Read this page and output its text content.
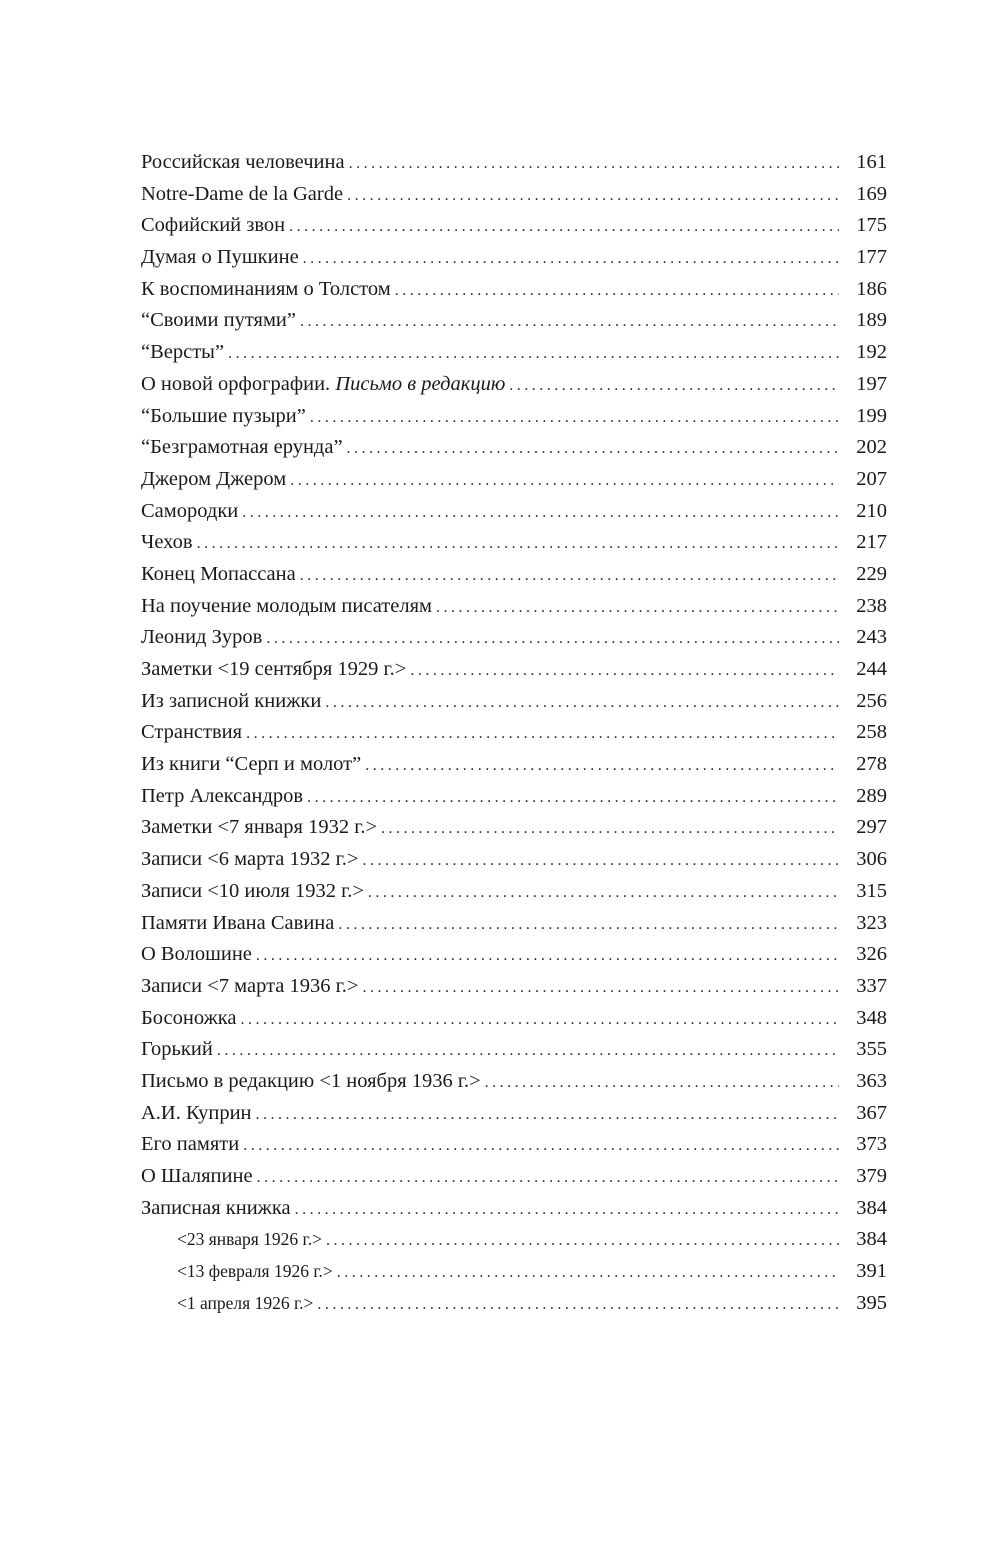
Российская человечина . . .	161
Notre-Dame de la Garde . . .	169
Софийский звон . . .	175
Думая о Пушкине . . .	177
К воспоминаниям о Толстом . . .	186
“Своими путями” . . .	189
“Версты” . . .	192
О новой орфографии. Письмо в редакцию . . .	197
“Большие пузыри” . . .	199
“Безграмотная ерунда” . . .	202
Джером Джером . . .	207
Самородки . . .	210
Чехов . . .	217
Конец Мопассана . . .	229
На поучение молодым писателям . . .	238
Леонид Зуров . . .	243
Заметки <19 сентября 1929 г.> . . .	244
Из записной книжки . . .	256
Странствия . . .	258
Из книги “Серп и молот” . . .	278
Петр Александров . . .	289
Заметки <7 января 1932 г.> . . .	297
Записи <6 марта 1932 г.> . . .	306
Записи <10 июля 1932 г.> . . .	315
Памяти Ивана Савина . . .	323
О Волошине . . .	326
Записи <7 марта 1936 г.> . . .	337
Босоножка . . .	348
Горький . . .	355
Письмо в редакцию <1 ноября 1936 г.> . . .	363
А.И. Куприн . . .	367
Его памяти . . .	373
О Шаляпине . . .	379
Записная книжка . . .	384
<23 января 1926 г.> . . .	384
<13 февраля 1926 г.> . . .	391
<1 апреля 1926 г.> . . .	395
